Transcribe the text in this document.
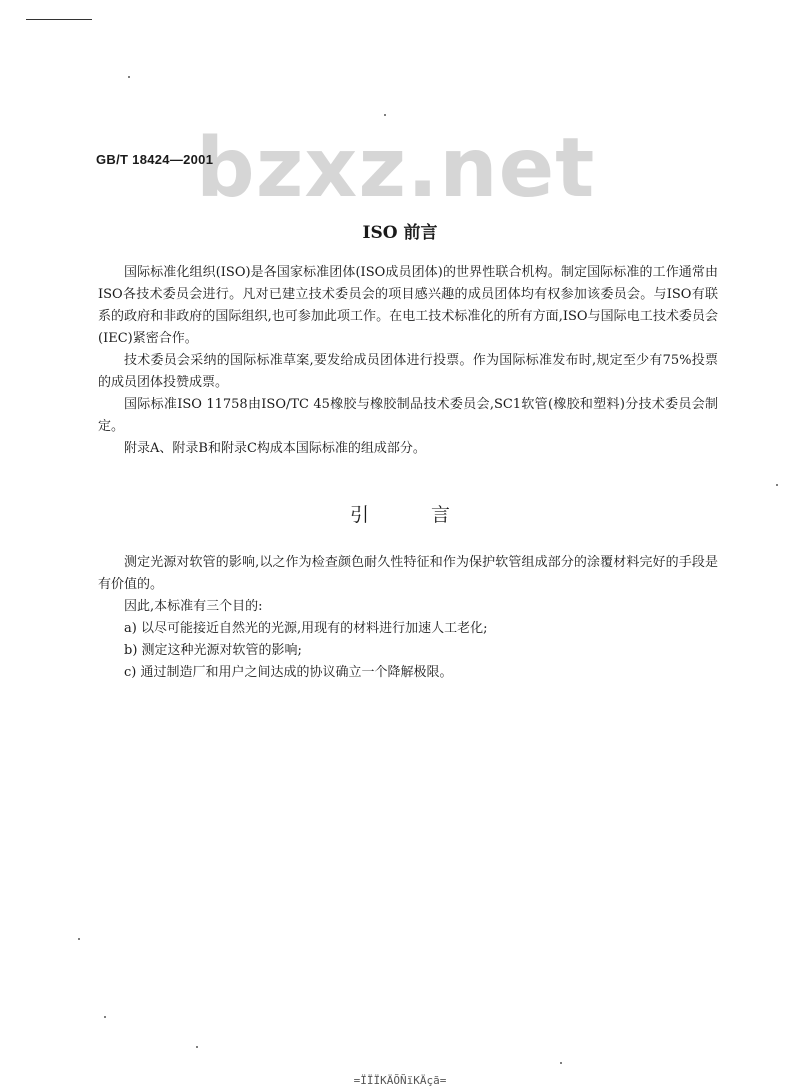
bzxz.net
GB/T 18424—2001
ISO 前言
国际标准化组织(ISO)是各国家标准团体(ISO成员团体)的世界性联合机构。制定国际标准的工作通常由ISO各技术委员会进行。凡对已建立技术委员会的项目感兴趣的成员团体均有权参加该委员会。与ISO有联系的政府和非政府的国际组织,也可参加此项工作。在电工技术标准化的所有方面,ISO与国际电工技术委员会(IEC)紧密合作。
技术委员会采纳的国际标准草案,要发给成员团体进行投票。作为国际标准发布时,规定至少有75%投票的成员团体投赞成票。
国际标准ISO 11758由ISO/TC 45橡胶与橡胶制品技术委员会,SC1软管(橡胶和塑料)分技术委员会制定。
附录A、附录B和附录C构成本国际标准的组成部分。
引言
测定光源对软管的影响,以之作为检查颜色耐久性特征和作为保护软管组成部分的涂覆材料完好的手段是有价值的。
因此,本标准有三个目的:
a) 以尽可能接近自然光的光源,用现有的材料进行加速人工老化;
b) 测定这种光源对软管的影响;
c) 通过制造厂和用户之间达成的协议确立一个降解极限。
=ÏÏÏKÄÕÑïKÄçã=
